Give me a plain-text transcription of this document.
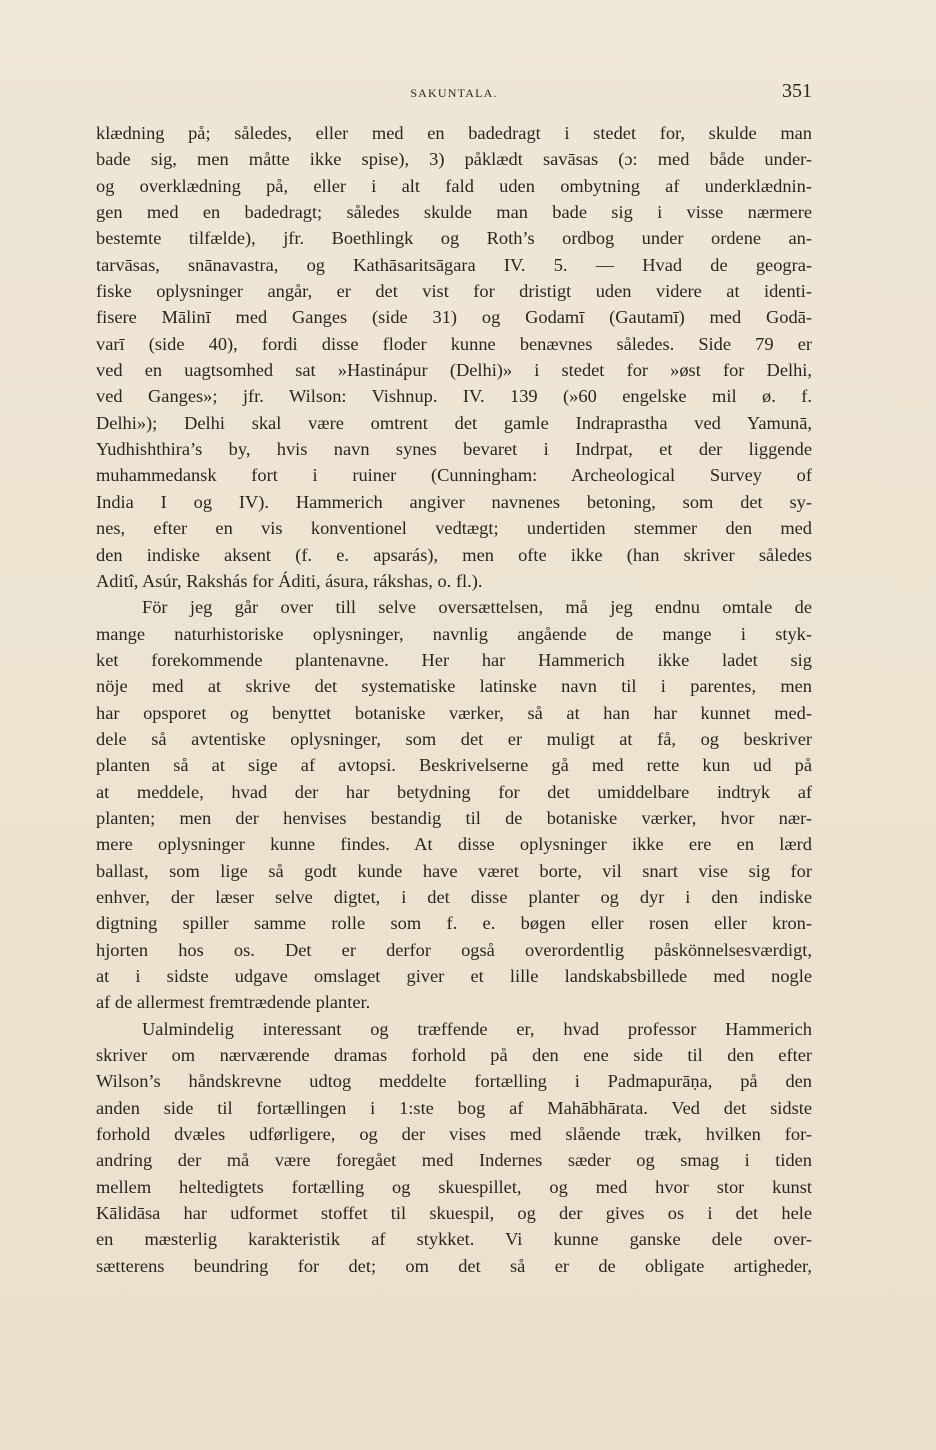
SAKUNTALA.	351
klædning på; således, eller med en badedragt i stedet for, skulde man
bade sig, men måtte ikke spise), 3) påklædt savāsas (ɔ: med både under-
og overklædning på, eller i alt fald uden ombytning af underklædnin-
gen med en badedragt; således skulde man bade sig i visse nærmere
bestemte tilfælde), jfr. Boethlingk og Roth’s ordbog under ordene an-
tarvāsas, snānavastra, og Kathāsaritsāgara IV. 5. — Hvad de geogra-
fiske oplysninger angår, er det vist for dristigt uden videre at identi-
fisere Mālinī med Ganges (side 31) og Godamī (Gautamī) med Godā-
varī (side 40), fordi disse floder kunne benævnes således. Side 79 er
ved en uagtsomhed sat »Hastinápur (Delhi)» i stedet for »øst for Delhi,
ved Ganges»; jfr. Wilson: Vishnup. IV. 139 (»60 engelske mil ø. f.
Delhi»); Delhi skal være omtrent det gamle Indraprastha ved Yamunā,
Yudhishthira’s by, hvis navn synes bevaret i Indrpat, et der liggende
muhammedansk fort i ruiner (Cunningham: Archeological Survey of
India I og IV). Hammerich angiver navnenes betoning, som det sy-
nes, efter en vis konventionel vedtægt; undertiden stemmer den med
den indiske aksent (f. e. apsarás), men ofte ikke (han skriver således
Aditî, Asúr, Rakshás for Áditi, ásura, rákshas, o. fl.).
För jeg går over till selve oversættelsen, må jeg endnu omtale de
mange naturhistoriske oplysninger, navnlig angående de mange i styk-
ket forekommende plantenavne. Her har Hammerich ikke ladet sig
nöje med at skrive det systematiske latinske navn til i parentes, men
har opsporet og benyttet botaniske værker, så at han har kunnet med-
dele så avtentiske oplysninger, som det er muligt at få, og beskriver
planten så at sige af avtopsi. Beskrivelserne gå med rette kun ud på
at meddele, hvad der har betydning for det umiddelbare indtryk af
planten; men der henvises bestandig til de botaniske værker, hvor nær-
mere oplysninger kunne findes. At disse oplysninger ikke ere en lærd
ballast, som lige så godt kunde have været borte, vil snart vise sig for
enhver, der læser selve digtet, i det disse planter og dyr i den indiske
digtning spiller samme rolle som f. e. bøgen eller rosen eller kron-
hjorten hos os. Det er derfor også overordentlig påskönnelsesværdigt,
at i sidste udgave omslaget giver et lille landskabsbillede med nogle
af de allermest fremtrædende planter.
Ualmindelig interessant og træffende er, hvad professor Hammerich
skriver om nærværende dramas forhold på den ene side til den efter
Wilson’s håndskrevne udtog meddelte fortælling i Padmapurāṇa, på den
anden side til fortællingen i 1:ste bog af Mahābhārata. Ved det sidste
forhold dvæles udførligere, og der vises med slående træk, hvilken for-
andring der må være foregået med Indernes sæder og smag i tiden
mellem heltedigtets fortælling og skuespillet, og med hvor stor kunst
Kālidāsa har udformet stoffet til skuespil, og der gives os i det hele
en mæsterlig karakteristik af stykket. Vi kunne ganske dele over-
sætterens beundring for det; om det så er de obligate artigheder,
